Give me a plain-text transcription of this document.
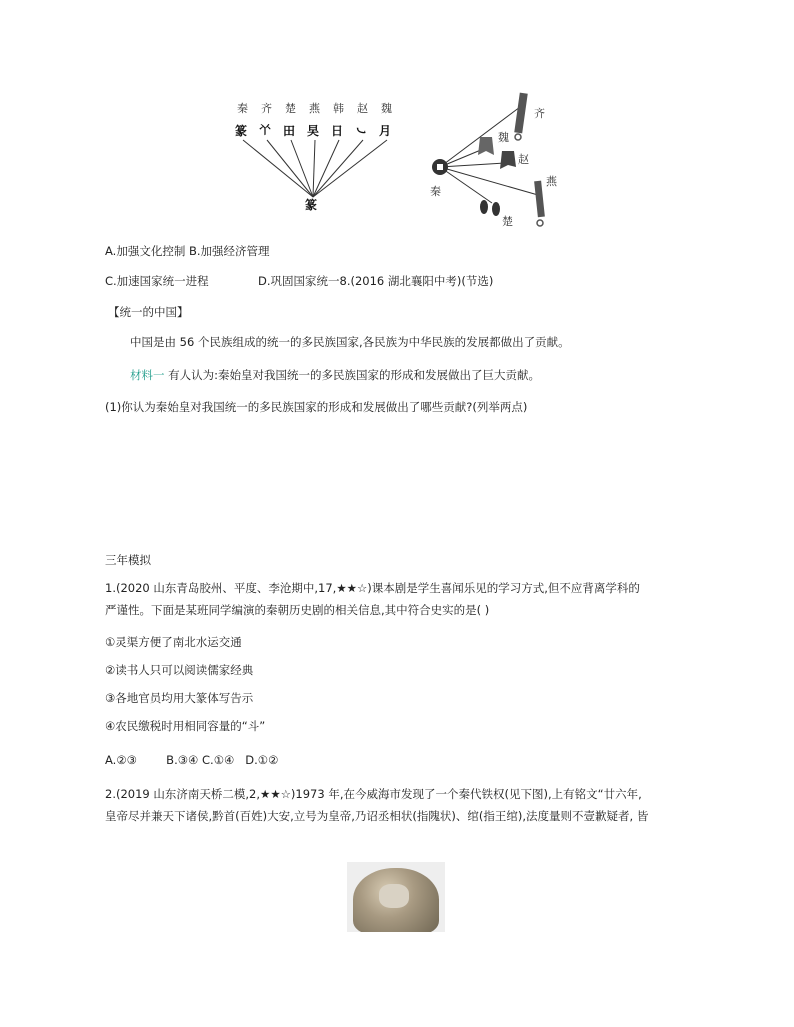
秦 齐 楚 燕 韩 赵 魏
篆 𠁥 ⽥ 旲 ⽇ ㇃ ⽉
篆
秦
齐
魏
赵
燕
楚
A.加强文化控制 B.加强经济管理
C.加速国家统一进程	D.巩固国家统一8.(2016 湖北襄阳中考)(节选)
【统一的中国】
中国是由 56 个民族组成的统一的多民族国家,各民族为中华民族的发展都做出了贡献。
材料一 有人认为:秦始皇对我国统一的多民族国家的形成和发展做出了巨大贡献。
(1)你认为秦始皇对我国统一的多民族国家的形成和发展做出了哪些贡献?(列举两点)
三年模拟
1.(2020 山东青岛胶州、平度、李沧期中,17,★★☆)课本剧是学生喜闻乐见的学习方式,但不应背离学科的
严谨性。下面是某班同学编演的秦朝历史剧的相关信息,其中符合史实的是( )
①灵渠方便了南北水运交通
②读书人只可以阅读儒家经典
③各地官员均用大篆体写告示
④农民缴税时用相同容量的“斗”
A.②③        B.③④ C.①④   D.①②
2.(2019 山东济南天桥二模,2,★★☆)1973 年,在今威海市发现了一个秦代铁权(见下图),上有铭文“廿六年,
皇帝尽并兼天下诸侯,黔首(百姓)大安,立号为皇帝,乃诏丞相状(指隗状)、绾(指王绾),法度量则不壹歉疑者, 皆
